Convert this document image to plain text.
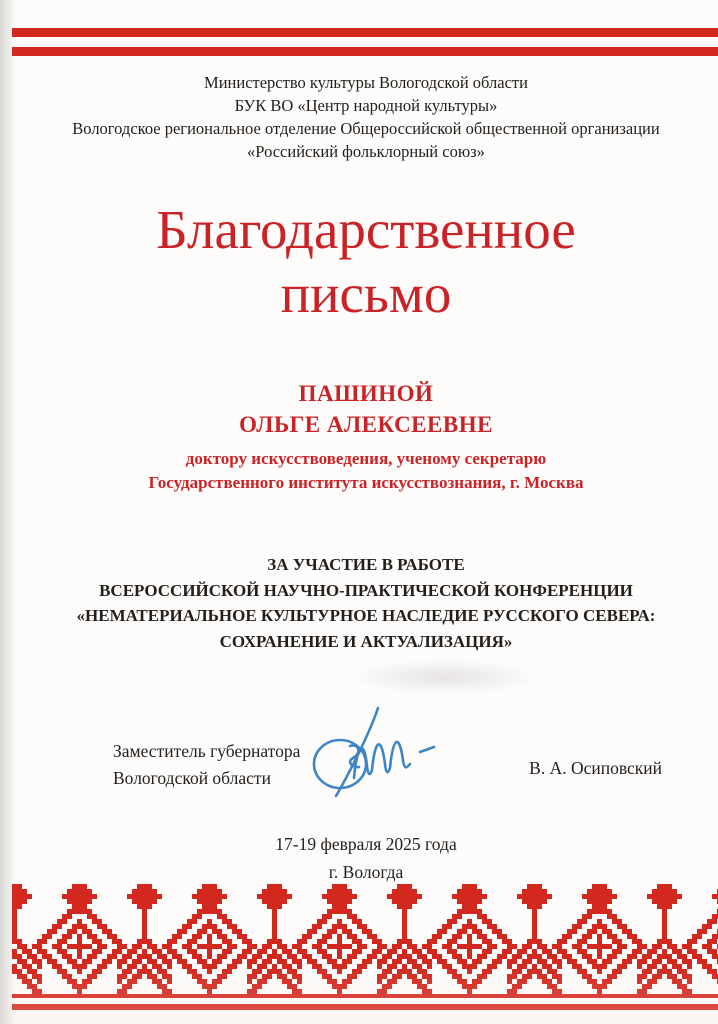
Министерство культуры Вологодской области
БУК ВО «Центр народной культуры»
Вологодское региональное отделение Общероссийской общественной организации
«Российский фольклорный союз»
Благодарственное
письмо
ПАШИНОЙ
ОЛЬГЕ АЛЕКСЕЕВНЕ
доктору искусствоведения, ученому секретарю
Государственного института искусствознания, г. Москва
ЗА УЧАСТИЕ В РАБОТЕ
ВСЕРОССИЙСКОЙ НАУЧНО-ПРАКТИЧЕСКОЙ КОНФЕРЕНЦИИ
«НЕМАТЕРИАЛЬНОЕ КУЛЬТУРНОЕ НАСЛЕДИЕ РУССКОГО СЕВЕРА:
СОХРАНЕНИЕ И АКТУАЛИЗАЦИЯ»
Заместитель губернатора
Вологодской области	В. А. Осиповский
17-19 февраля 2025 года
г. Вологда
